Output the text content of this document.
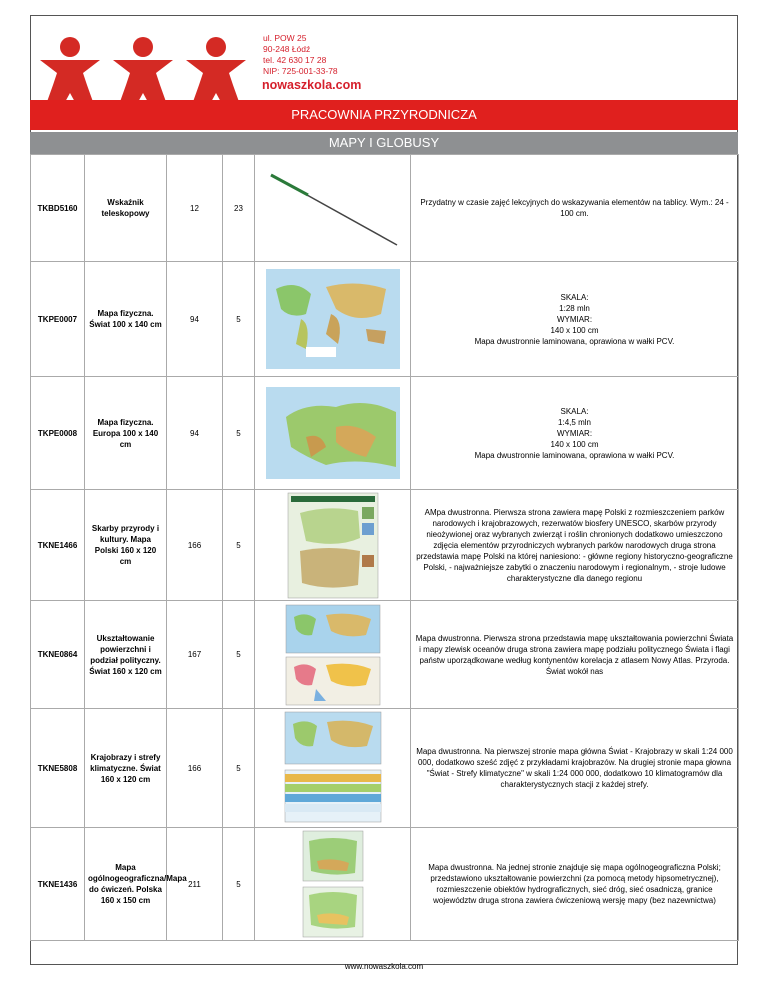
ul. POW 25
90-248 Łódź
tel. 42 630 17 28
NIP: 725-001-33-78
nowaszkola.com
PRACOWNIA PRZYRODNICZA
MAPY I GLOBUSY
TKBD5160	Wskaźnik teleskopowy	12	23		Przydatny w czasie zajęć lekcyjnych do wskazywania elementów na tablicy. Wym.: 24 - 100 cm.
TKPE0007	Mapa fizyczna. Świat 100 x 140 cm	94	5		SKALA:
1:28 mln
WYMIAR:
140 x 100 cm
Mapa dwustronnie laminowana, oprawiona w wałki PCV.

TKPE0008	Mapa fizyczna. Europa 100 x 140 cm	94	5		SKALA:
1:4,5 mln
WYMIAR:
140 x 100 cm
Mapa dwustronnie laminowana, oprawiona w wałki PCV.

TKNE1466	Skarby przyrody i kultury. Mapa Polski 160 x 120 cm	166	5		AMpa dwustronna. Pierwsza strona zawiera mapę Polski z rozmieszczeniem parków narodowych i krajobrazowych, rezerwatów biosfery UNESCO, skarbów przyrody nieożywionej oraz wybranych zwierząt i roślin chronionych dodatkowo umieszczono zdjęcia elementów przyrodniczych wybranych parków narodowych druga strona przedstawia mapę Polski na której naniesiono: - główne regiony historyczno-geograficzne Polski, - najważniejsze zabytki o znaczeniu narodowym i regionalnym, - stroje ludowe charakterystyczne dla danego regionu

TKNE0864	Ukształtowanie powierzchni i podział polityczny. Świat 160 x 120 cm	167	5		Mapa dwustronna. Pierwsza strona przedstawia mapę ukształtowania powierzchni Świata i mapy zlewisk oceanów druga strona zawiera mapę podziału politycznego Świata i flagi państw uporządkowane według kontynentów korelacja z atlasem Nowy Atlas. Przyroda. Świat wokół nas
TKNE5808	Krajobrazy i strefy klimatyczne. Świat 160 x 120 cm	166	5		Mapa dwustronna. Na pierwszej stronie mapa główna Świat - Krajobrazy w skali 1:24 000 000, dodatkowo sześć zdjęć z przykładami krajobrazów. Na drugiej stronie mapa głowna "Świat - Strefy klimatyczne" w skali 1:24 000 000, dodatkowo 10 klimatogramów dla charakterystycznych stacji z każdej strefy.
TKNE1436	Mapa ogólnogeograficzna/Mapa do ćwiczeń. Polska 160 x 150 cm	211	5		Mapa dwustronna. Na jednej stronie znajduje się mapa ogólnogeograficzna Polski; przedstawiono ukształtowanie powierzchni (za pomocą metody hipsometrycznej), rozmieszczenie obiektów hydrograficznych, sieć dróg, sieć osadniczą, granice województw druga strona zawiera ćwiczeniową wersję mapy (bez nazewnictwa)
www.nowaszkola.com
